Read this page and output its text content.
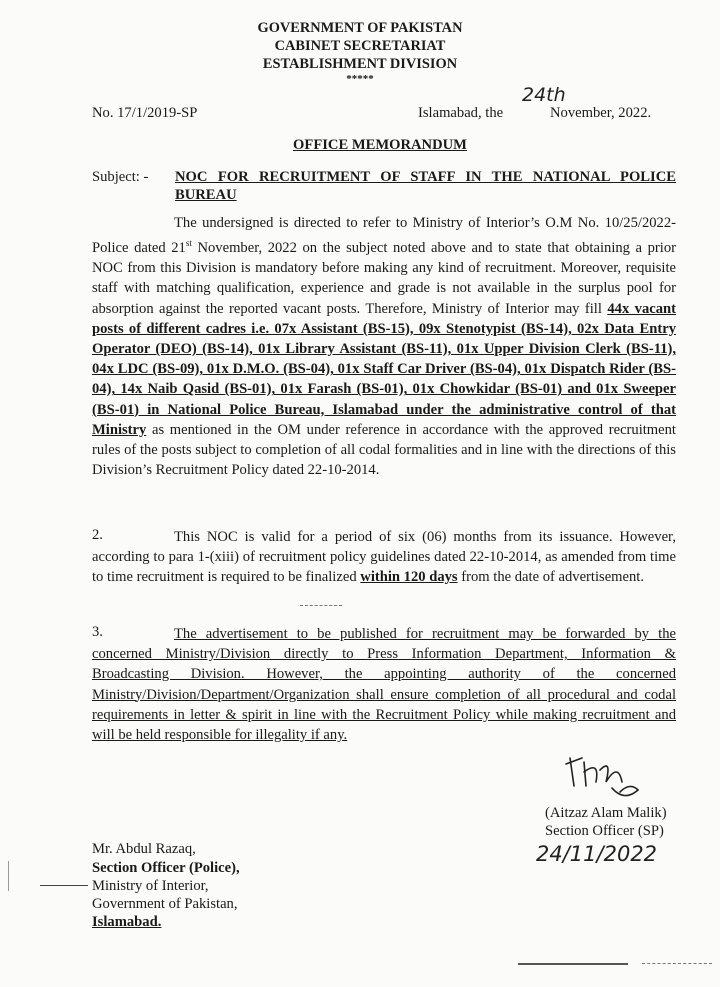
GOVERNMENT OF PAKISTAN
CABINET SECRETARIAT
ESTABLISHMENT DIVISION
*****
No. 17/1/2019-SP	Islamabad, the
24th
November, 2022.
OFFICE MEMORANDUM
Subject: - NOC FOR RECRUITMENT OF STAFF IN THE NATIONAL POLICE
BUREAU
The undersigned is directed to refer to Ministry of Interior’s O.M No. 10/25/2022-Police dated 21st November, 2022 on the subject noted above and to state that obtaining a prior NOC from this Division is mandatory before making any kind of recruitment. Moreover, requisite staff with matching qualification, experience and grade is not available in the surplus pool for absorption against the reported vacant posts. Therefore, Ministry of Interior may fill 44x vacant posts of different cadres i.e. 07x Assistant (BS-15), 09x Stenotypist (BS-14), 02x Data Entry Operator (DEO) (BS-14), 01x Library Assistant (BS-11), 01x Upper Division Clerk (BS-11), 04x LDC (BS-09), 01x D.M.O. (BS-04), 01x Staff Car Driver (BS-04), 01x Dispatch Rider (BS-04), 14x Naib Qasid (BS-01), 01x Farash (BS-01), 01x Chowkidar (BS-01) and 01x Sweeper (BS-01) in National Police Bureau, Islamabad under the administrative control of that Ministry as mentioned in the OM under reference in accordance with the approved recruitment rules of the posts subject to completion of all codal formalities and in line with the directions of this Division’s Recruitment Policy dated 22-10-2014.
2.	This NOC is valid for a period of six (06) months from its issuance. However, according to para 1-(xiii) of recruitment policy guidelines dated 22-10-2014, as amended from time to time recruitment is required to be finalized within 120 days from the date of advertisement.
3.	The advertisement to be published for recruitment may be forwarded by the concerned Ministry/Division directly to Press Information Department, Information & Broadcasting Division. However, the appointing authority of the concerned Ministry/Division/Department/Organization shall ensure completion of all procedural and codal requirements in letter & spirit in line with the Recruitment Policy while making recruitment and will be held responsible for illegality if any.
(Aitzaz Alam Malik)
Section Officer (SP)
24/11/2022
Mr. Abdul Razaq,
Section Officer (Police),
Ministry of Interior,
Government of Pakistan,
Islamabad.
